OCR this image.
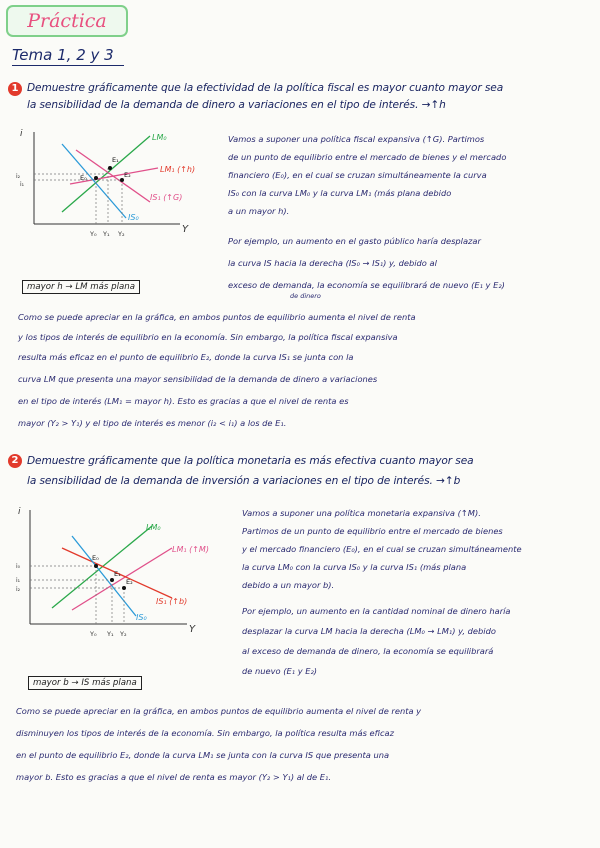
Práctica
Tema 1, 2 y 3
1 Demuestre gráficamente que la efectividad de la política fiscal es mayor cuanto mayor sea
la sensibilidad de la demanda de dinero a variaciones en el tipo de interés. →↑h
i
Y
i₂
i₁
Y₀ Y₁ Y₂
LM₀
LM₁ (↑h)
IS₁ (↑G)
IS₀
E₀
E₁
E₂
Vamos a suponer una política fiscal expansiva (↑G). Partimos
de un punto de equilibrio entre el mercado de bienes y el mercado
financiero (E₀), en el cual se cruzan simultáneamente la curva
IS₀ con la curva LM₀ y la curva LM₁ (más plana debido
a un mayor h).
Por ejemplo, un aumento en el gasto público haría desplazar
la curva IS hacia la derecha (IS₀ → IS₁) y, debido al
exceso de demanda, la economía se equilibrará de nuevo (E₁ y E₂)
de dinero
mayor h → LM más plana
Como se puede apreciar en la gráfica, en ambos puntos de equilibrio aumenta el nivel de renta
y los tipos de interés de equilibrio en la economía. Sin embargo, la política fiscal expansiva
resulta más eficaz en el punto de equilibrio E₂, donde la curva IS₁ se junta con la
curva LM que presenta una mayor sensibilidad de la demanda de dinero a variaciones
en el tipo de interés (LM₁ = mayor h). Esto es gracias a que el nivel de renta es
mayor (Y₂ > Y₁) y el tipo de interés es menor (i₂ < i₁) a los de E₁.
2 Demuestre gráficamente que la política monetaria es más efectiva cuanto mayor sea
la sensibilidad de la demanda de inversión a variaciones en el tipo de interés. →↑b
i
Y
i₀
i₁
i₂
Y₀ Y₁ Y₂
LM₀
LM₁ (↑M)
IS₁ (↑b)
IS₀
E₀
E₁
E₂
Vamos a suponer una política monetaria expansiva (↑M).
Partimos de un punto de equilibrio entre el mercado de bienes
y el mercado financiero (E₀), en el cual se cruzan simultáneamente
la curva LM₀ con la curva IS₀ y la curva IS₁ (más plana
debido a un mayor b).
Por ejemplo, un aumento en la cantidad nominal de dinero haría
desplazar la curva LM hacia la derecha (LM₀ → LM₁) y, debido
al exceso de demanda de dinero, la economía se equilibrará
de nuevo (E₁ y E₂)
mayor b → IS más plana
Como se puede apreciar en la gráfica, en ambos puntos de equilibrio aumenta el nivel de renta y
disminuyen los tipos de interés de la economía. Sin embargo, la política resulta más eficaz
en el punto de equilibrio E₂, donde la curva LM₁ se junta con la curva IS que presenta una
mayor b. Esto es gracias a que el nivel de renta es mayor (Y₂ > Y₁) al de E₁.
